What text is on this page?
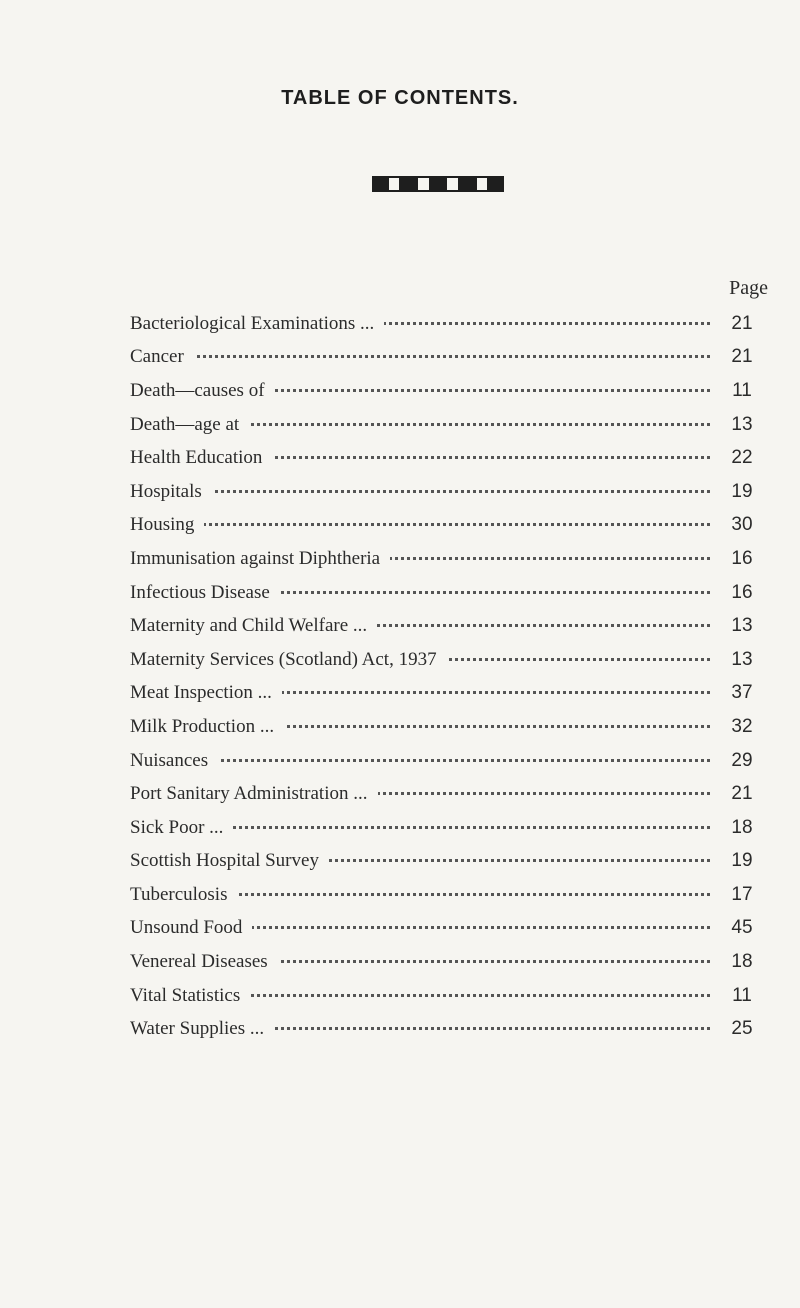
TABLE OF CONTENTS.
Page
Bacteriological Examinations ...	21
Cancer	21
Death—causes of	11
Death—age at	13
Health Education	22
Hospitals	19
Housing	30
Immunisation against Diphtheria	16
Infectious Disease	16
Maternity and Child Welfare ...	13
Maternity Services (Scotland) Act, 1937	13
Meat Inspection ...	37
Milk Production ...	32
Nuisances	29
Port Sanitary Administration ...	21
Sick Poor ...	18
Scottish Hospital Survey	19
Tuberculosis	17
Unsound Food	45
Venereal Diseases	18
Vital Statistics	11
Water Supplies ...	25
